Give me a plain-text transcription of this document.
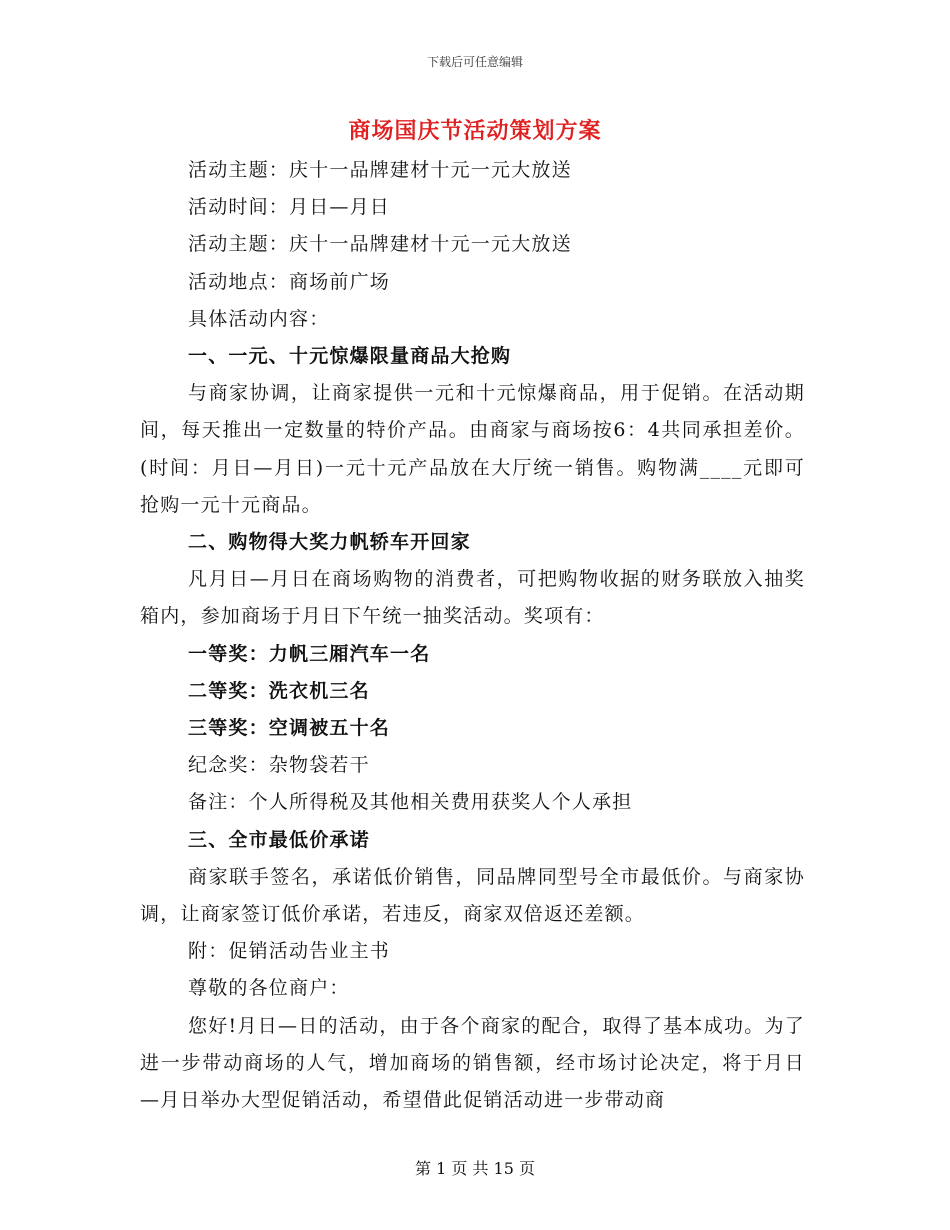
下载后可任意编辑
商场国庆节活动策划方案

活动主题：庆十一品牌建材十元一元大放送

活动时间：月日—月日

活动主题：庆十一品牌建材十元一元大放送

活动地点：商场前广场

具体活动内容：

一、一元、十元惊爆限量商品大抢购

与商家协调，让商家提供一元和十元惊爆商品，用于促销。在活动期间，每天推出一定数量的特价产品。由商家与商场按6：4共同承担差价。(时间：月日—月日)一元十元产品放在大厅统一销售。购物满____元即可抢购一元十元商品。

二、购物得大奖力帆轿车开回家

凡月日—月日在商场购物的消费者，可把购物收据的财务联放入抽奖箱内，参加商场于月日下午统一抽奖活动。奖项有：

一等奖：力帆三厢汽车一名

二等奖：洗衣机三名

三等奖：空调被五十名

纪念奖：杂物袋若干

备注：个人所得税及其他相关费用获奖人个人承担

三、全市最低价承诺

商家联手签名，承诺低价销售，同品牌同型号全市最低价。与商家协调，让商家签订低价承诺，若违反，商家双倍返还差额。

附：促销活动告业主书

尊敬的各位商户：

您好!月日—日的活动，由于各个商家的配合，取得了基本成功。为了进一步带动商场的人气，增加商场的销售额，经市场讨论决定，将于月日—月日举办大型促销活动，希望借此促销活动进一步带动商

第 1 页 共 15 页
